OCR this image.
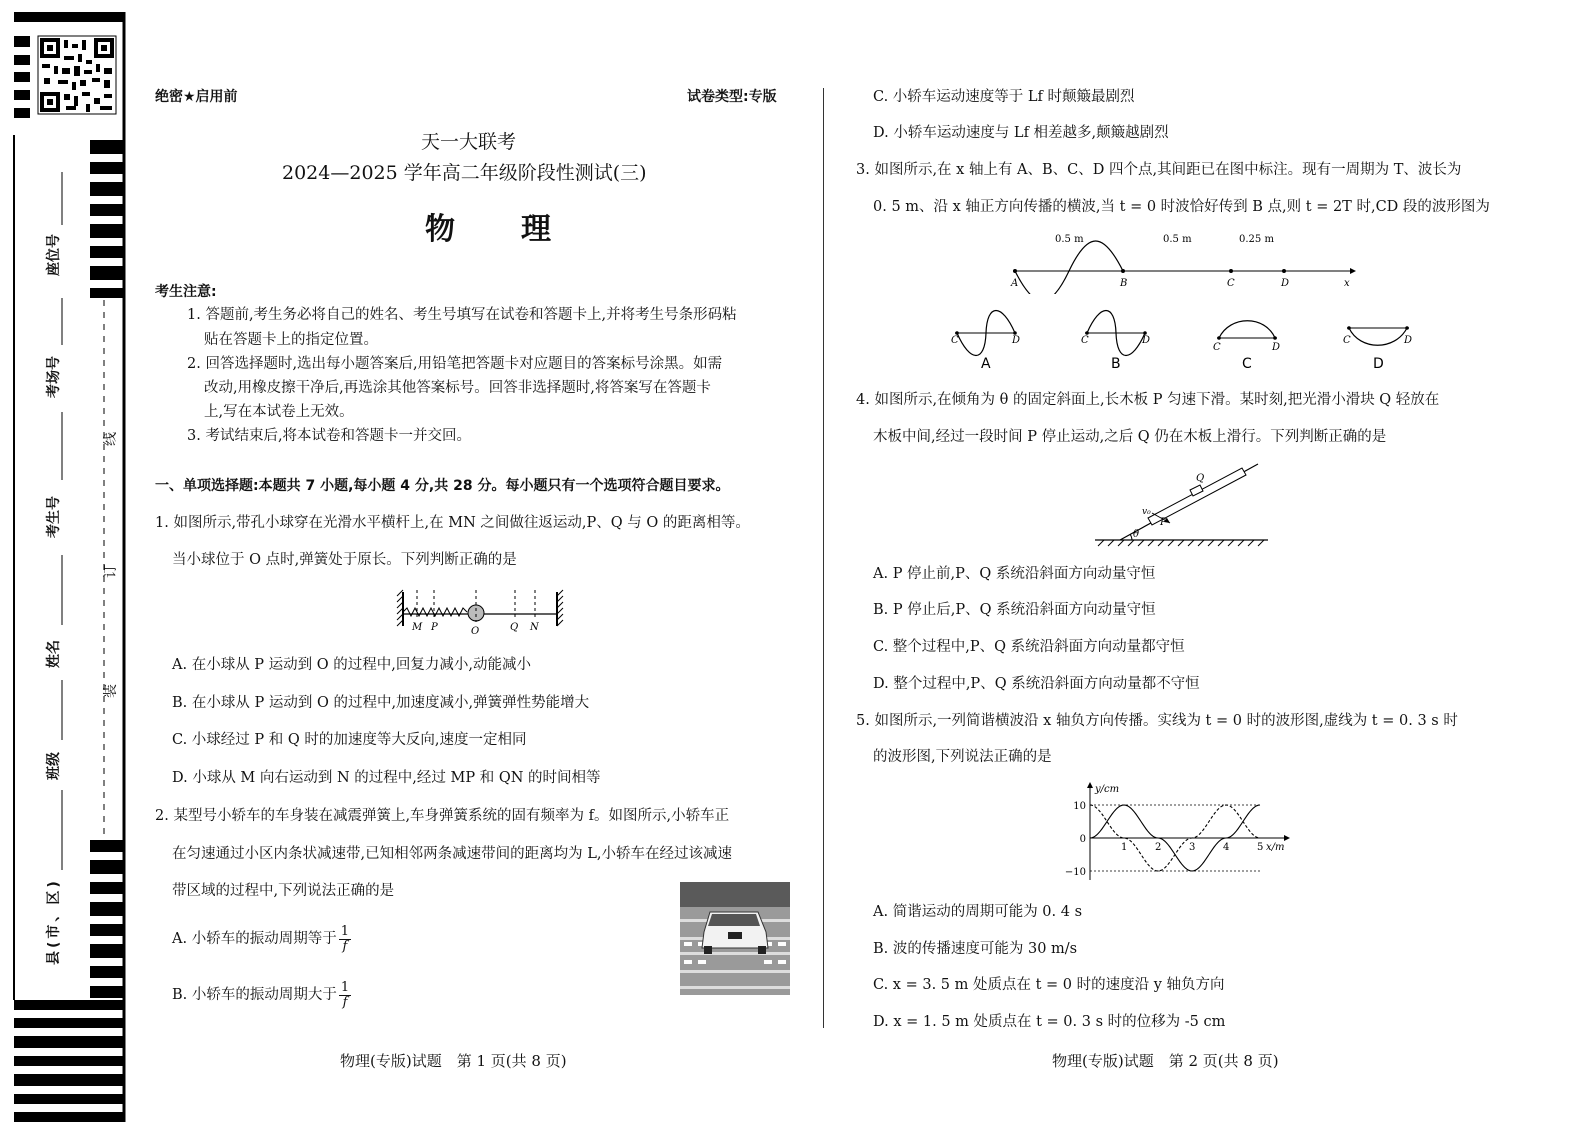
座位号
考场号
考生号
姓名
班级
县(市、区)
线
订
装
绝密★启用前	试卷类型:专版
天一大联考
2024—2025 学年高二年级阶段性测试(三)
物　理
考生注意:
1. 答题前,考生务必将自己的姓名、考生号填写在试卷和答题卡上,并将考生号条形码粘
贴在答题卡上的指定位置。
2. 回答选择题时,选出每小题答案后,用铅笔把答题卡对应题目的答案标号涂黑。如需
改动,用橡皮擦干净后,再选涂其他答案标号。回答非选择题时,将答案写在答题卡
上,写在本试卷上无效。
3. 考试结束后,将本试卷和答题卡一并交回。
一、单项选择题:本题共 7 小题,每小题 4 分,共 28 分。每小题只有一个选项符合题目要求。
1. 如图所示,带孔小球穿在光滑水平横杆上,在 MN 之间做往返运动,P、Q 与 O 的距离相等。
当小球位于 O 点时,弹簧处于原长。下列判断正确的是
M P	O	Q N
A. 在小球从 P 运动到 O 的过程中,回复力减小,动能减小
B. 在小球从 P 运动到 O 的过程中,加速度减小,弹簧弹性势能增大
C. 小球经过 P 和 Q 时的加速度等大反向,速度一定相同
D. 小球从 M 向右运动到 N 的过程中,经过 MP 和 QN 的时间相等
2. 某型号小轿车的车身装在减震弹簧上,车身弹簧系统的固有频率为 f。如图所示,小轿车正
在匀速通过小区内条状减速带,已知相邻两条减速带间的距离均为 L,小轿车在经过该减速
带区域的过程中,下列说法正确的是
A. 小轿车的振动周期等于 $\frac{1}{f}$
B. 小轿车的振动周期大于 $\frac{1}{f}$
物理(专版)试题　第 1 页(共 8 页)
C. 小轿车运动速度等于 Lf 时颠簸最剧烈
D. 小轿车运动速度与 Lf 相差越多,颠簸越剧烈
3. 如图所示,在 x 轴上有 A、B、C、D 四个点,其间距已在图中标注。现有一周期为 T、波长为
0. 5 m、沿 x 轴正方向传播的横波,当 t = 0 时波恰好传到 B 点,则 t = 2T 时,CD 段的波形图为
0.5 m	0.5 m	0.25 m
A	B	C	D	x
C	D
A
C	D
B
C	D
C
C	D
D
4. 如图所示,在倾角为 θ 的固定斜面上,长木板 P 匀速下滑。某时刻,把光滑小滑块 Q 轻放在
木板中间,经过一段时间 P 停止运动,之后 Q 仍在木板上滑行。下列判断正确的是
Q
v₀
P
θ
A. P 停止前,P、Q 系统沿斜面方向动量守恒
B. P 停止后,P、Q 系统沿斜面方向动量守恒
C. 整个过程中,P、Q 系统沿斜面方向动量都守恒
D. 整个过程中,P、Q 系统沿斜面方向动量都不守恒
5. 如图所示,一列简谐横波沿 x 轴负方向传播。实线为 t = 0 时的波形图,虚线为 t = 0. 3 s 时
的波形图,下列说法正确的是
10
0
−10
1	2	3	4	5
y/cm
x/m
A. 简谐运动的周期可能为 0. 4 s
B. 波的传播速度可能为 30 m/s
C. x = 3. 5 m 处质点在 t = 0 时的速度沿 y 轴负方向
D. x = 1. 5 m 处质点在 t = 0. 3 s 时的位移为 -5 cm
物理(专版)试题　第 2 页(共 8 页)
